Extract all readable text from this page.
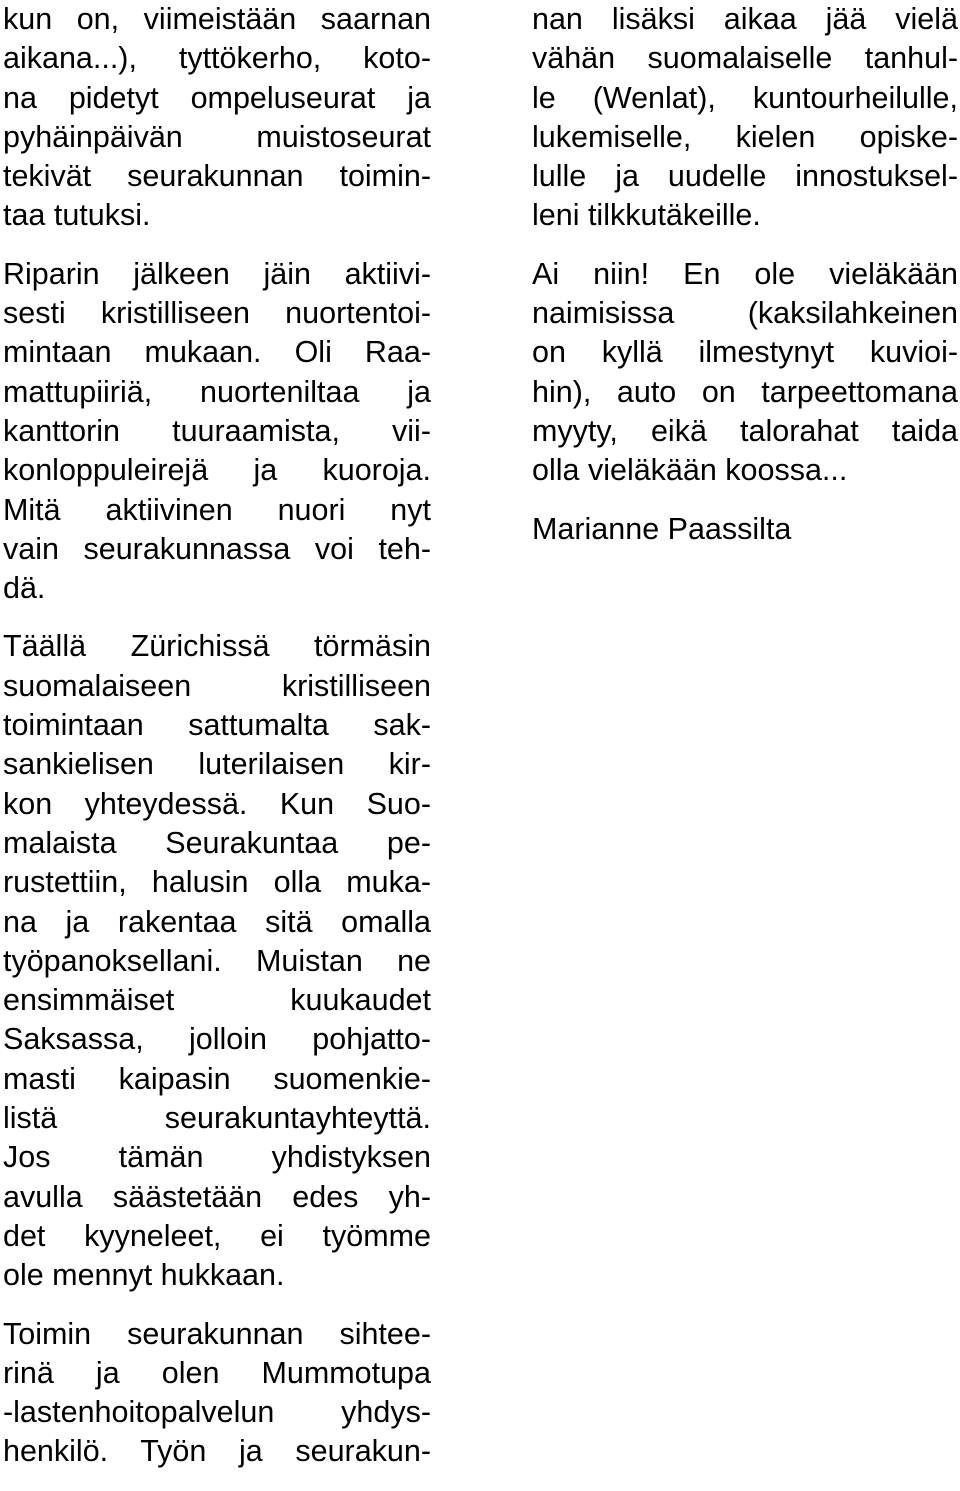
kun on, viimeistään saarnan
aikana...), tyttökerho, koto-
na pidetyt ompeluseurat ja
pyhäinpäivän muistoseurat
tekivät seurakunnan toimin-
taa tutuksi.
Riparin jälkeen jäin aktiivi-
sesti kristilliseen nuortentoi-
mintaan mukaan. Oli Raa-
mattupiiriä, nuorteniltaa ja
kanttorin tuuraamista, vii-
konloppuleirejä ja kuoroja.
Mitä aktiivinen nuori nyt
vain seurakunnassa voi teh-
dä.
Täällä Zürichissä törmäsin
suomalaiseen kristilliseen
toimintaan sattumalta sak-
sankielisen luterilaisen kir-
kon yhteydessä. Kun Suo-
malaista Seurakuntaa pe-
rustettiin, halusin olla muka-
na ja rakentaa sitä omalla
työpanoksellani. Muistan ne
ensimmäiset kuukaudet
Saksassa, jolloin pohjatto-
masti kaipasin suomenkie-
listä seurakuntayhteyttä.
Jos tämän yhdistyksen
avulla säästetään edes yh-
det kyyneleet, ei työmme
ole mennyt hukkaan.
Toimin seurakunnan sihtee-
rinä ja olen Mummotupa
-lastenhoitopalvelun yhdys-
henkilö. Työn ja seurakun-
nan lisäksi aikaa jää vielä
vähän suomalaiselle tanhul-
le (Wenlat), kuntourheilulle,
lukemiselle, kielen opiske-
lulle ja uudelle innostuksel-
leni tilkkutäkeille.
Ai niin! En ole vieläkään
naimisissa (kaksilahkeinen
on kyllä ilmestynyt kuvioi-
hin), auto on tarpeettomana
myyty, eikä talorahat taida
olla vieläkään koossa...
Marianne Paassilta
